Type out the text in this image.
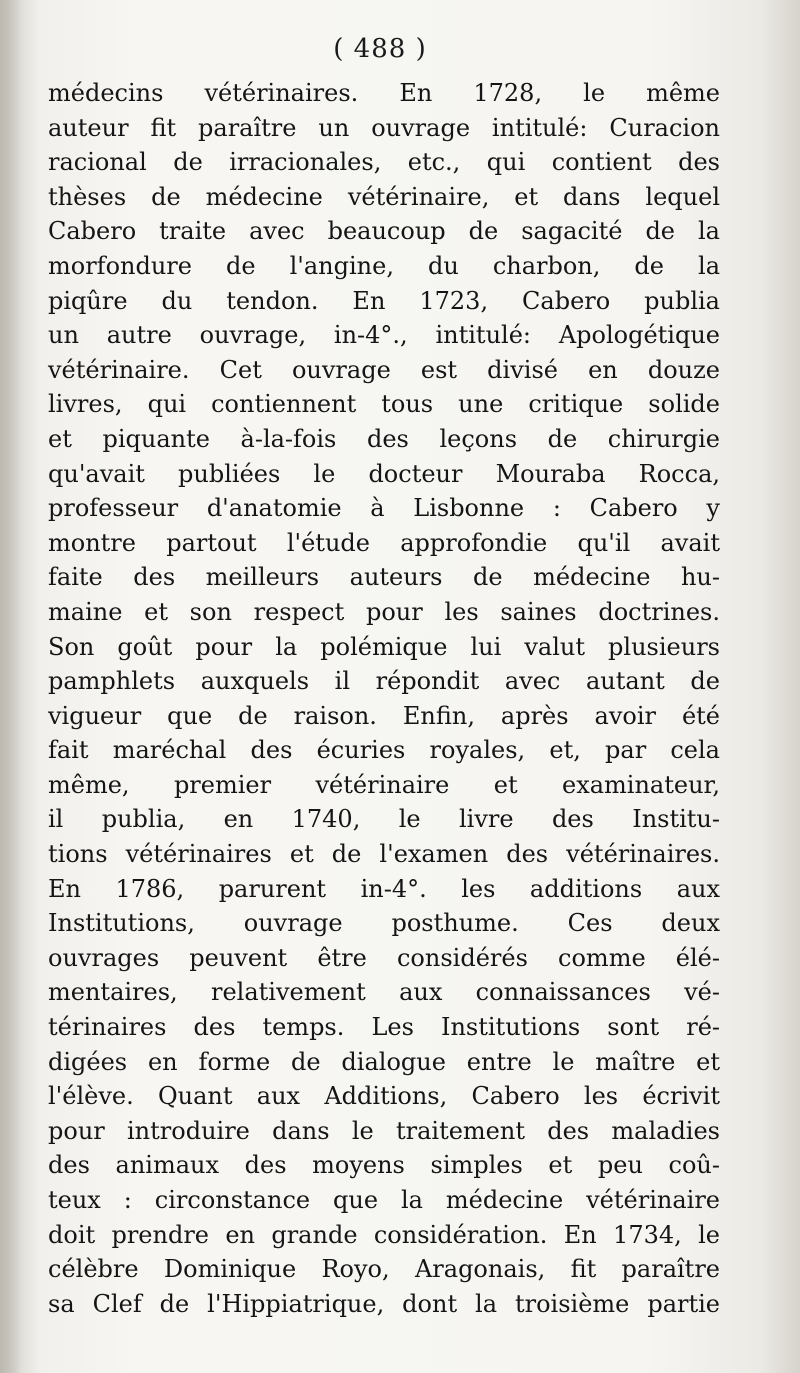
( 488 )
médecins vétérinaires. En 1728, le même
auteur fit paraître un ouvrage intitulé: Curacion
racional de irracionales, etc., qui contient des
thèses de médecine vétérinaire, et dans lequel
Cabero traite avec beaucoup de sagacité de la
morfondure de l'angine, du charbon, de la
piqûre du tendon. En 1723, Cabero publia
un autre ouvrage, in-4°., intitulé: Apologétique
vétérinaire. Cet ouvrage est divisé en douze
livres, qui contiennent tous une critique solide
et piquante à-la-fois des leçons de chirurgie
qu'avait publiées le docteur Mouraba Rocca,
professeur d'anatomie à Lisbonne : Cabero y
montre partout l'étude approfondie qu'il avait
faite des meilleurs auteurs de médecine hu-
maine et son respect pour les saines doctrines.
Son goût pour la polémique lui valut plusieurs
pamphlets auxquels il répondit avec autant de
vigueur que de raison. Enfin, après avoir été
fait maréchal des écuries royales, et, par cela
même, premier vétérinaire et examinateur,
il publia, en 1740, le livre des Institu-
tions vétérinaires et de l'examen des vétérinaires.
En 1786, parurent in-4°. les additions aux
Institutions, ouvrage posthume. Ces deux
ouvrages peuvent être considérés comme élé-
mentaires, relativement aux connaissances vé-
térinaires des temps. Les Institutions sont ré-
digées en forme de dialogue entre le maître et
l'élève. Quant aux Additions, Cabero les écrivit
pour introduire dans le traitement des maladies
des animaux des moyens simples et peu coû-
teux : circonstance que la médecine vétérinaire
doit prendre en grande considération. En 1734, le
célèbre Dominique Royo, Aragonais, fit paraître
sa Clef de l'Hippiatrique, dont la troisième partie
